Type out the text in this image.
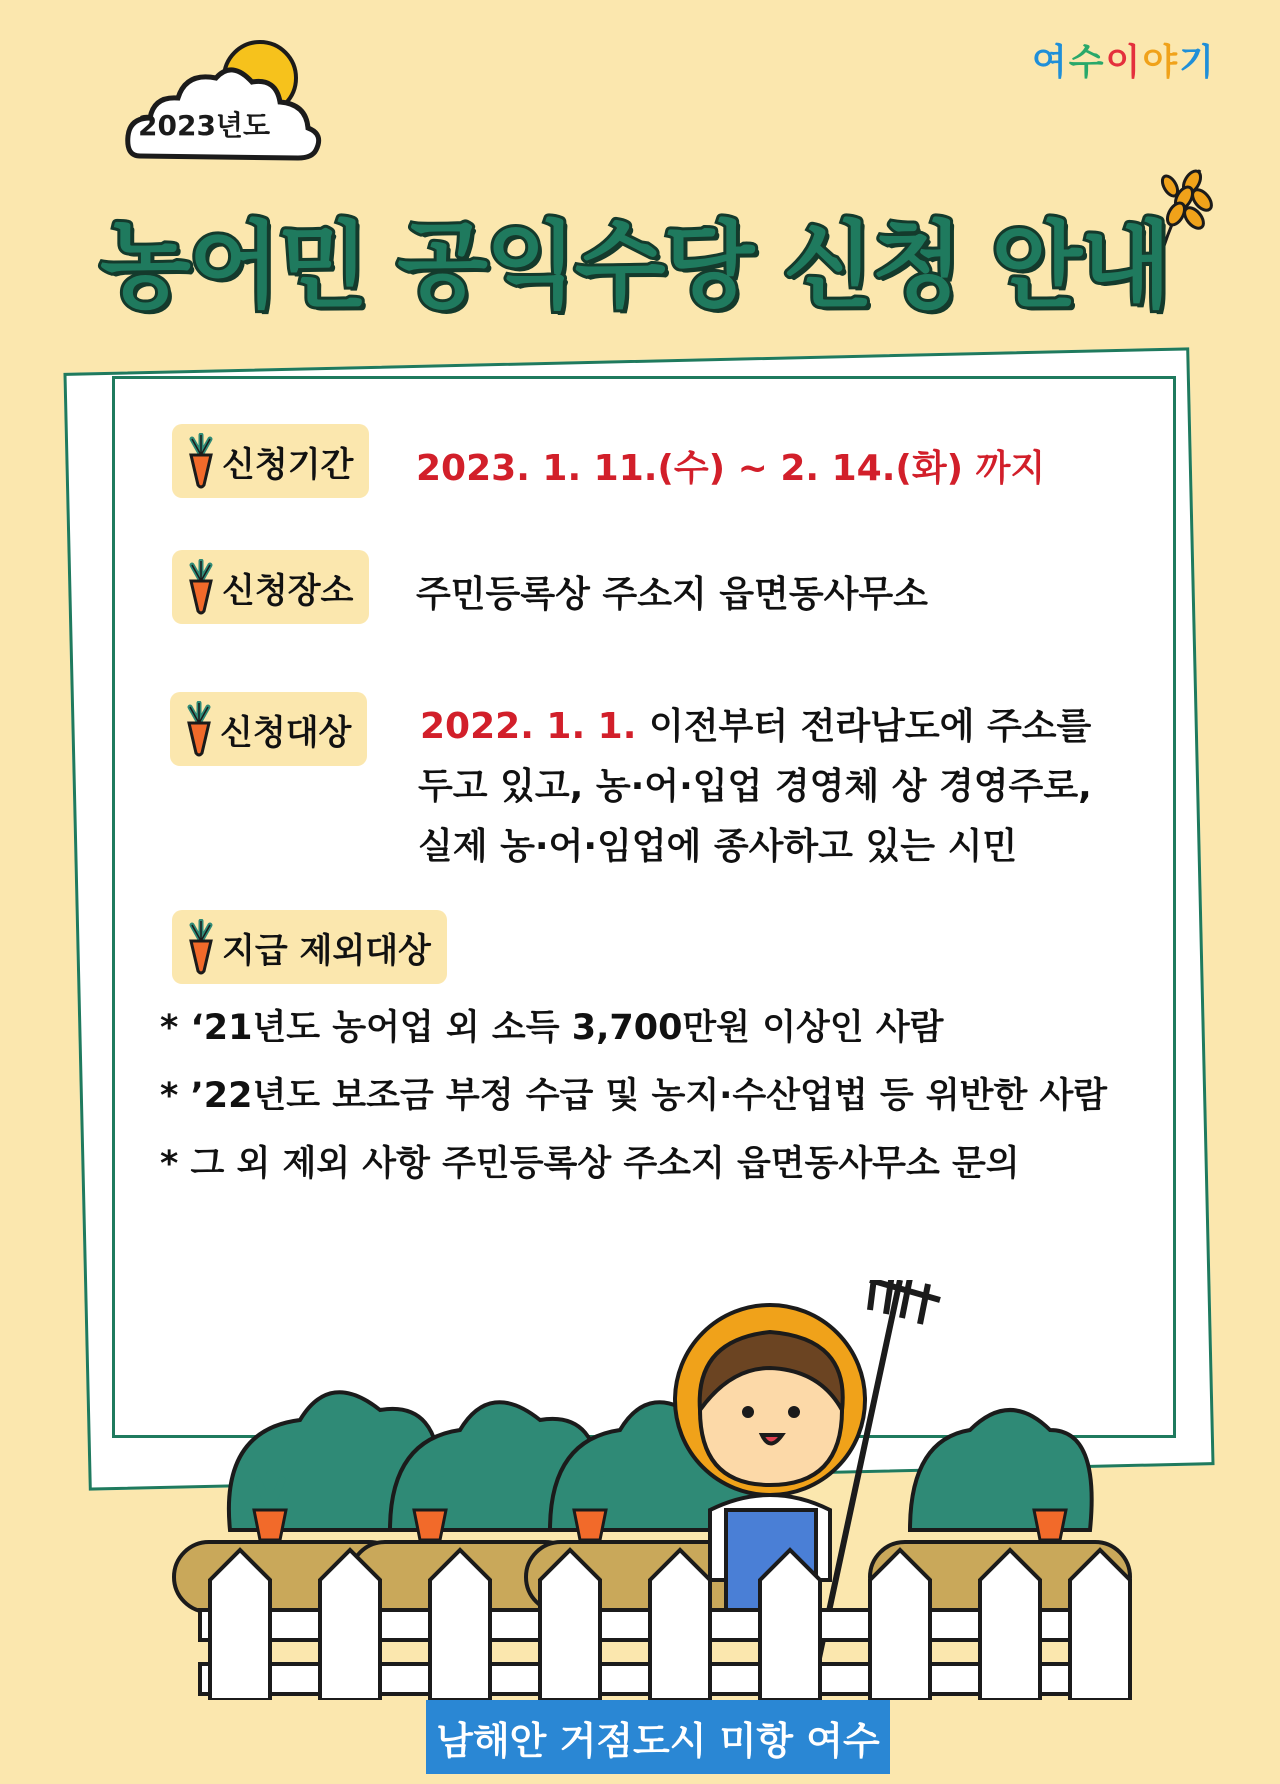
여수이야기
2023년도
농어민 공익수당 신청 안내
신청기간 2023. 1. 11.(수) ~ 2. 14.(화) 까지
신청장소 주민등록상 주소지 읍면동사무소
신청대상 2022. 1. 1. 이전부터 전라남도에 주소를
두고 있고, 농·어·입업 경영체 상 경영주로,
실제 농·어·임업에 종사하고 있는 시민
지급 제외대상
* ‘21년도 농어업 외 소득 3,700만원 이상인 사람
* ’22년도 보조금 부정 수급 및 농지·수산업법 등 위반한 사람
* 그 외 제외 사항 주민등록상 주소지 읍면동사무소 문의
남해안 거점도시 미항 여수
